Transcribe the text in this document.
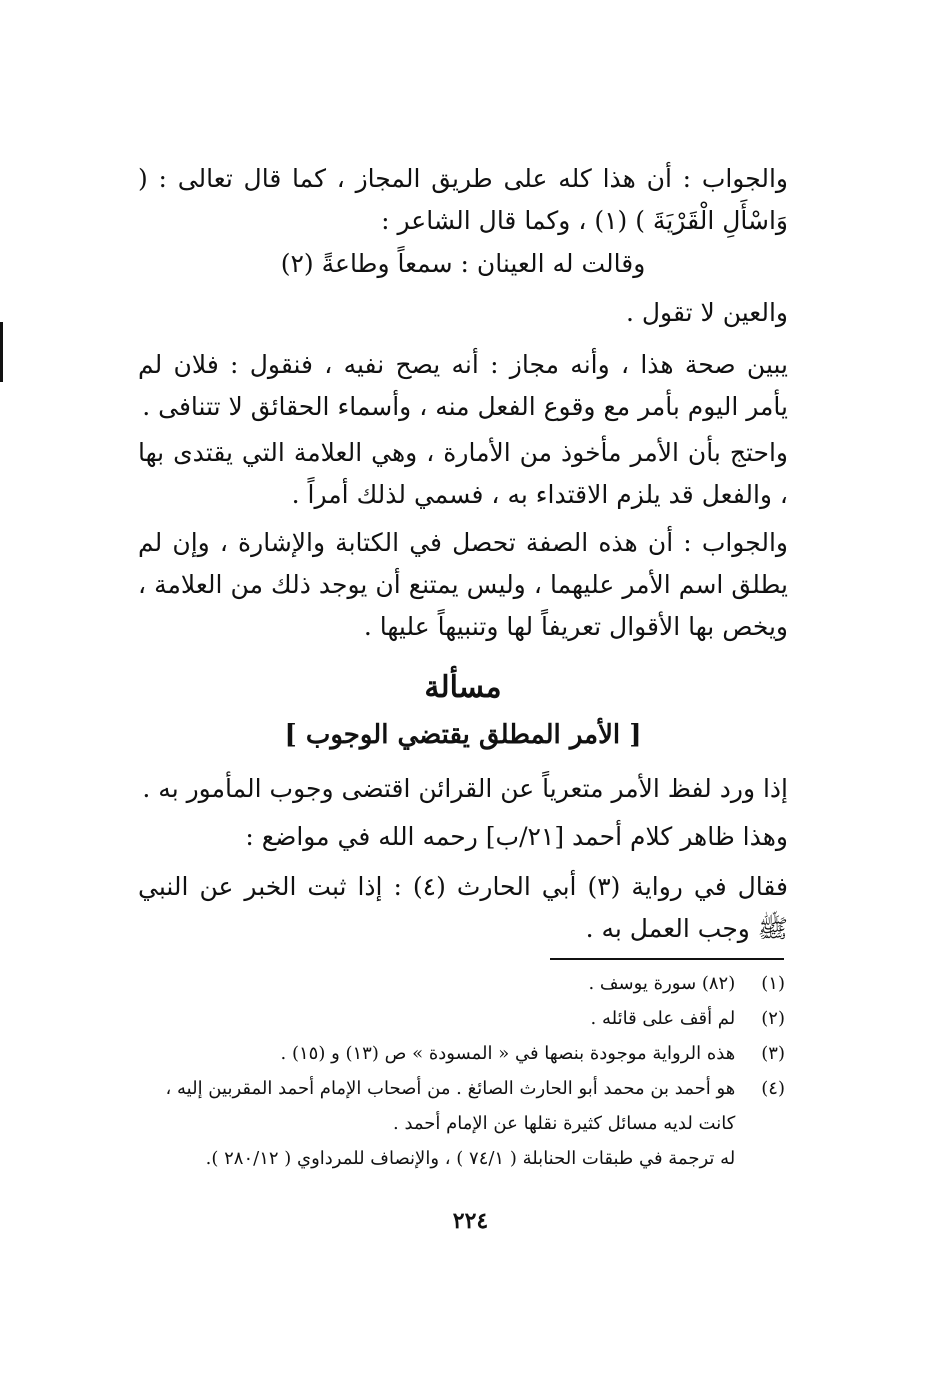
والجواب : أن هذا كله على طريق المجاز ، كما قال تعالى : ( وَاسْأَلِ الْقَرْيَةَ ) (١) ، وكما قال الشاعر :

وقالت له العينان : سمعاً وطاعةً (٢)

والعين لا تقول .

يبين صحة هذا ، وأنه مجاز : أنه يصح نفيه ، فنقول : فلان لم يأمر اليوم بأمر مع وقوع الفعل منه ، وأسماء الحقائق لا تتنافى .

واحتج بأن الأمر مأخوذ من الأمارة ، وهي العلامة التي يقتدى بها ، والفعل قد يلزم الاقتداء به ، فسمي لذلك أمراً .

والجواب : أن هذه الصفة تحصل في الكتابة والإشارة ، وإن لم يطلق اسم الأمر عليهما ، وليس يمتنع أن يوجد ذلك من العلامة ، ويخص بها الأقوال تعريفاً لها وتنبيهاً عليها .

مسألة
[ الأمر المطلق يقتضي الوجوب ]

إذا ورد لفظ الأمر متعرياً عن القرائن اقتضى وجوب المأمور به .

وهذا ظاهر كلام أحمد [٢١/ب] رحمه الله في مواضع :

فقال في رواية (٣) أبي الحارث (٤) : إذا ثبت الخبر عن النبي ﷺ وجب العمل به .

(١) (٨٢) سورة يوسف .
(٢) لم أقف على قائله .
(٣) هذه الرواية موجودة بنصها في « المسودة » ص (١٣) و (١٥) .
(٤) هو أحمد بن محمد أبو الحارث الصائغ . من أصحاب الإمام أحمد المقربين إليه ،
كانت لديه مسائل كثيرة نقلها عن الإمام أحمد .
له ترجمة في طبقات الحنابلة ( ٧٤/١ ) ، والإنصاف للمرداوي ( ٢٨٠/١٢ ).
٢٢٤
